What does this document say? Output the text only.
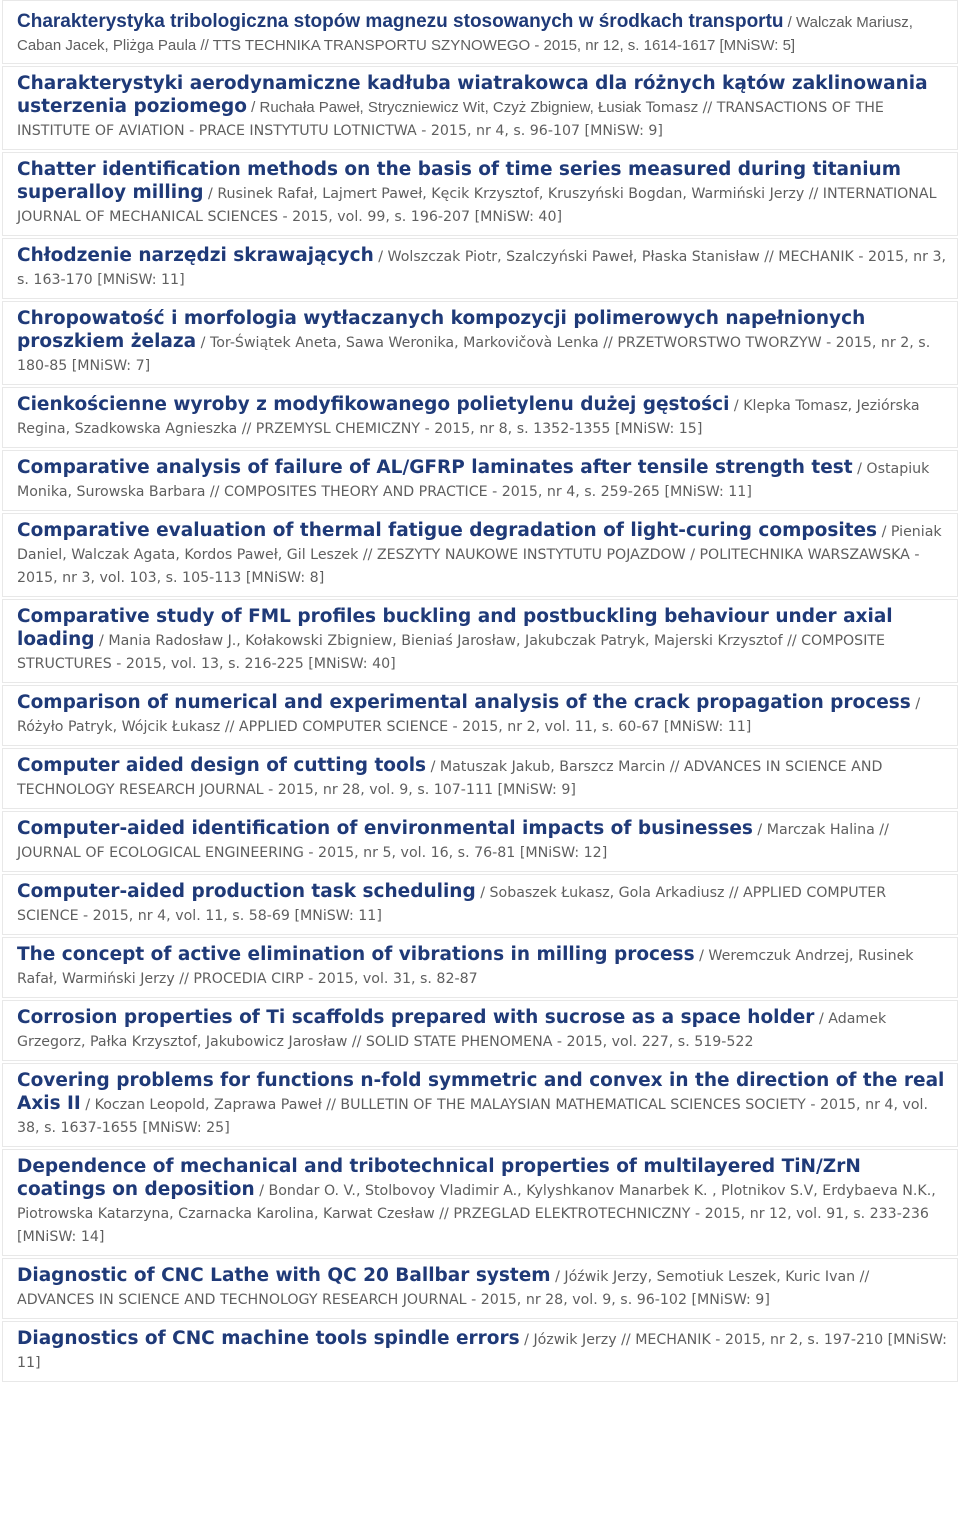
Charakterystyka tribologiczna stopów magnezu stosowanych w środkach transportu / Walczak Mariusz, Caban Jacek, Pliżga Paula // TTS TECHNIKA TRANSPORTU SZYNOWEGO - 2015, nr 12, s. 1614-1617 [MNiSW: 5]
Charakterystyki aerodynamiczne kadłuba wiatrakowca dla różnych kątów zaklinowania usterzenia poziomego / Ruchała Paweł, Stryczniewicz Wit, Czyż Zbigniew, Łusiak Tomasz // TRANSACTIONS OF THE INSTITUTE OF AVIATION - PRACE INSTYTUTU LOTNICTWA - 2015, nr 4, s. 96-107 [MNiSW: 9]
Chatter identification methods on the basis of time series measured during titanium superalloy milling / Rusinek Rafał, Lajmert Paweł, Kęcik Krzysztof, Kruszyński Bogdan, Warmiński Jerzy // INTERNATIONAL JOURNAL OF MECHANICAL SCIENCES - 2015, vol. 99, s. 196-207 [MNiSW: 40]
Chłodzenie narzędzi skrawających / Wolszczak Piotr, Szalczyński Paweł, Płaska Stanisław // MECHANIK - 2015, nr 3, s. 163-170 [MNiSW: 11]
Chropowatość i morfologia wytłaczanych kompozycji polimerowych napełnionych proszkiem żelaza / Tor-Świątek Aneta, Sawa Weronika, Markovičovà Lenka // PRZETWORSTWO TWORZYW - 2015, nr 2, s. 180-85 [MNiSW: 7]
Cienkościenne wyroby z modyfikowanego polietylenu dużej gęstości / Klepka Tomasz, Jeziórska Regina, Szadkowska Agnieszka // PRZEMYSL CHEMICZNY - 2015, nr 8, s. 1352-1355 [MNiSW: 15]
Comparative analysis of failure of AL/GFRP laminates after tensile strength test / Ostapiuk Monika, Surowska Barbara // COMPOSITES THEORY AND PRACTICE - 2015, nr 4, s. 259-265 [MNiSW: 11]
Comparative evaluation of thermal fatigue degradation of light-curing composites / Pieniak Daniel, Walczak Agata, Kordos Paweł, Gil Leszek // ZESZYTY NAUKOWE INSTYTUTU POJAZDOW / POLITECHNIKA WARSZAWSKA - 2015, nr 3, vol. 103, s. 105-113 [MNiSW: 8]
Comparative study of FML profiles buckling and postbuckling behaviour under axial loading / Mania Radosław J., Kołakowski Zbigniew, Bieniaś Jarosław, Jakubczak Patryk, Majerski Krzysztof // COMPOSITE STRUCTURES - 2015, vol. 13, s. 216-225 [MNiSW: 40]
Comparison of numerical and experimental analysis of the crack propagation process / Różyło Patryk, Wójcik Łukasz // APPLIED COMPUTER SCIENCE - 2015, nr 2, vol. 11, s. 60-67 [MNiSW: 11]
Computer aided design of cutting tools / Matuszak Jakub, Barszcz Marcin // ADVANCES IN SCIENCE AND TECHNOLOGY RESEARCH JOURNAL - 2015, nr 28, vol. 9, s. 107-111 [MNiSW: 9]
Computer-aided identification of environmental impacts of businesses / Marczak Halina // JOURNAL OF ECOLOGICAL ENGINEERING - 2015, nr 5, vol. 16, s. 76-81 [MNiSW: 12]
Computer-aided production task scheduling / Sobaszek Łukasz, Gola Arkadiusz // APPLIED COMPUTER SCIENCE - 2015, nr 4, vol. 11, s. 58-69 [MNiSW: 11]
The concept of active elimination of vibrations in milling process / Weremczuk Andrzej, Rusinek Rafał, Warmiński Jerzy // PROCEDIA CIRP - 2015, vol. 31, s. 82-87
Corrosion properties of Ti scaffolds prepared with sucrose as a space holder / Adamek Grzegorz, Pałka Krzysztof, Jakubowicz Jarosław // SOLID STATE PHENOMENA - 2015, vol. 227, s. 519-522
Covering problems for functions n-fold symmetric and convex in the direction of the real Axis II / Koczan Leopold, Zaprawa Paweł // BULLETIN OF THE MALAYSIAN MATHEMATICAL SCIENCES SOCIETY - 2015, nr 4, vol. 38, s. 1637-1655 [MNiSW: 25]
Dependence of mechanical and tribotechnical properties of multilayered TiN/ZrN coatings on deposition / Bondar O. V., Stolbovoy Vladimir A., Kylyshkanov Manarbek K. , Plotnikov S.V, Erdybaeva N.K., Piotrowska Katarzyna, Czarnacka Karolina, Karwat Czesław // PRZEGLAD ELEKTROTECHNICZNY - 2015, nr 12, vol. 91, s. 233-236 [MNiSW: 14]
Diagnostic of CNC Lathe with QC 20 Ballbar system / Jóźwik Jerzy, Semotiuk Leszek, Kuric Ivan // ADVANCES IN SCIENCE AND TECHNOLOGY RESEARCH JOURNAL - 2015, nr 28, vol. 9, s. 96-102 [MNiSW: 9]
Diagnostics of CNC machine tools spindle errors / Józwik Jerzy // MECHANIK - 2015, nr 2, s. 197-210 [MNiSW: 11]
